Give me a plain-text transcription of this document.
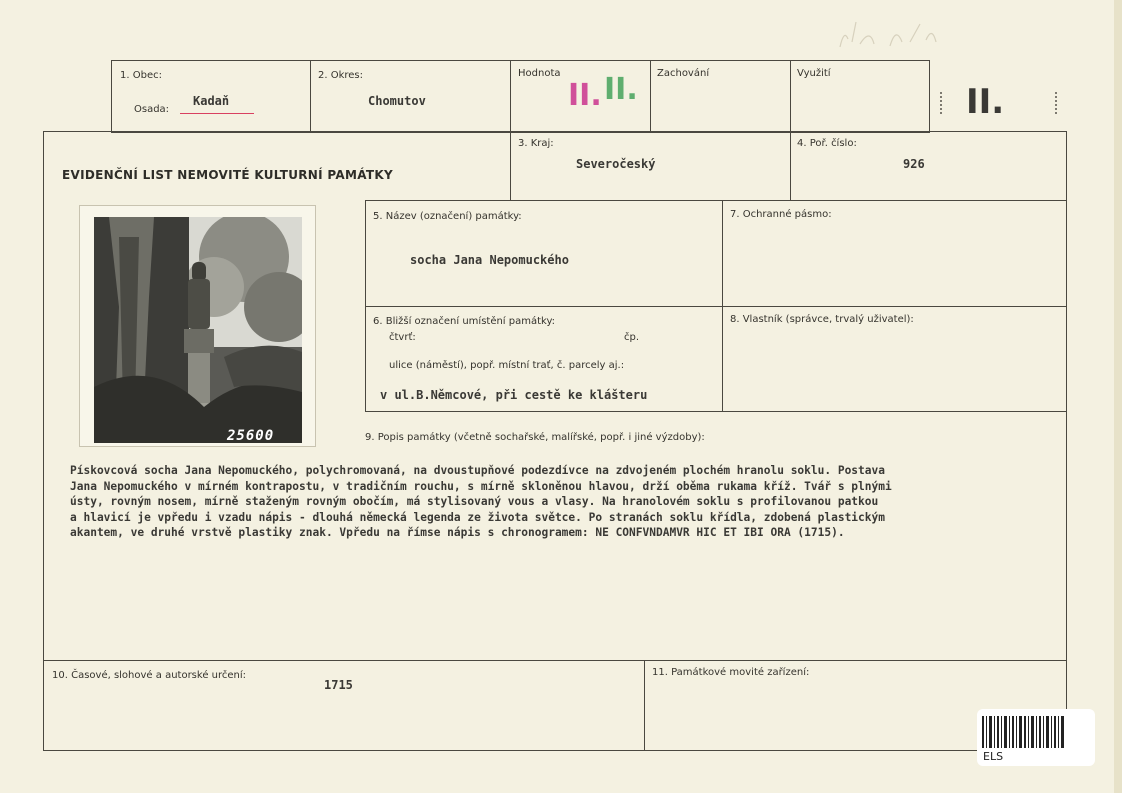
1. Obec:
Osada:
Kadaň
2. Okres:
Chomutov
Hodnota
II. II. Zachování	Využití
II.
EVIDENČNÍ LIST NEMOVITÉ KULTURNÍ PAMÁTKY
3. Kraj:
Severočeský
4. Poř. číslo:
926
5. Název (označení) památky:
socha Jana Nepomuckého
7. Ochranné pásmo:
6. Bližší označení umístění památky:
čtvrť:	čp.
ulice (náměstí), popř. místní trať, č. parcely aj.:
v ul.B.Němcové, při cestě ke klášteru
8. Vlastník (správce, trvalý uživatel):
9. Popis památky (včetně sochařské, malířské, popř. i jiné výzdoby):
Pískovcová socha Jana Nepomuckého, polychromovaná, na dvoustupňové podezdívce na zdvojeném plochém hranolu soklu. Postava
Jana Nepomuckého v mírném kontrapostu, v tradičním rouchu, s mírně skloněnou hlavou, drží oběma rukama kříž. Tvář s plnými
ústy, rovným nosem, mírně staženým rovným obočím, má stylisovaný vous a vlasy. Na hranolovém soklu s profilovanou patkou
a hlavicí je vpředu i vzadu nápis - dlouhá německá legenda ze života světce. Po stranách soklu křídla, zdobená plastickým
akantem, ve druhé vrstvě plastiky znak. Vpředu na římse nápis s chronogramem: NE CONFVNDAMVR HIC ET IBI ORA (1715).
10. Časové, slohové a autorské určení:
1715
11. Památkové movité zařízení:
25600
ELS
